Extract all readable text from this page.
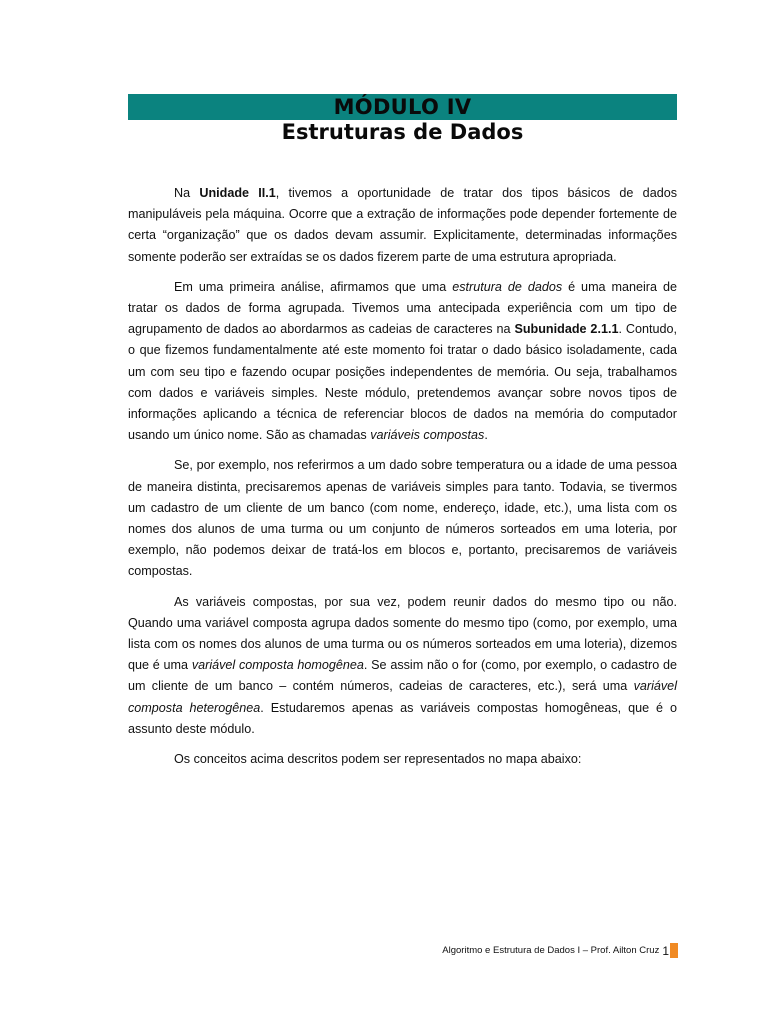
MÓDULO IV
Estruturas de Dados

Na Unidade II.1, tivemos a oportunidade de tratar dos tipos básicos de dados manipuláveis pela máquina. Ocorre que a extração de informações pode depender fortemente de certa “organização” que os dados devam assumir. Explicitamente, determinadas informações somente poderão ser extraídas se os dados fizerem parte de uma estrutura apropriada.

Em uma primeira análise, afirmamos que uma estrutura de dados é uma maneira de tratar os dados de forma agrupada. Tivemos uma antecipada experiência com um tipo de agrupamento de dados ao abordarmos as cadeias de caracteres na Subunidade 2.1.1. Contudo, o que fizemos fundamentalmente até este momento foi tratar o dado básico isoladamente, cada um com seu tipo e fazendo ocupar posições independentes de memória. Ou seja, trabalhamos com dados e variáveis simples. Neste módulo, pretendemos avançar sobre novos tipos de informações aplicando a técnica de referenciar blocos de dados na memória do computador usando um único nome. São as chamadas variáveis compostas.

Se, por exemplo, nos referirmos a um dado sobre temperatura ou a idade de uma pessoa de maneira distinta, precisaremos apenas de variáveis simples para tanto. Todavia, se tivermos um cadastro de um cliente de um banco (com nome, endereço, idade, etc.), uma lista com os nomes dos alunos de uma turma ou um conjunto de números sorteados em uma loteria, por exemplo, não podemos deixar de tratá-los em blocos e, portanto, precisaremos de variáveis compostas.

As variáveis compostas, por sua vez, podem reunir dados do mesmo tipo ou não. Quando uma variável composta agrupa dados somente do mesmo tipo (como, por exemplo, uma lista com os nomes dos alunos de uma turma ou os números sorteados em uma loteria), dizemos que é uma variável composta homogênea. Se assim não o for (como, por exemplo, o cadastro de um cliente de um banco – contém números, cadeias de caracteres, etc.), será uma variável composta heterogênea. Estudaremos apenas as variáveis compostas homogêneas, que é o assunto deste módulo.

Os conceitos acima descritos podem ser representados no mapa abaixo:

Algoritmo e Estrutura de Dados I – Prof. Ailton Cruz 1
